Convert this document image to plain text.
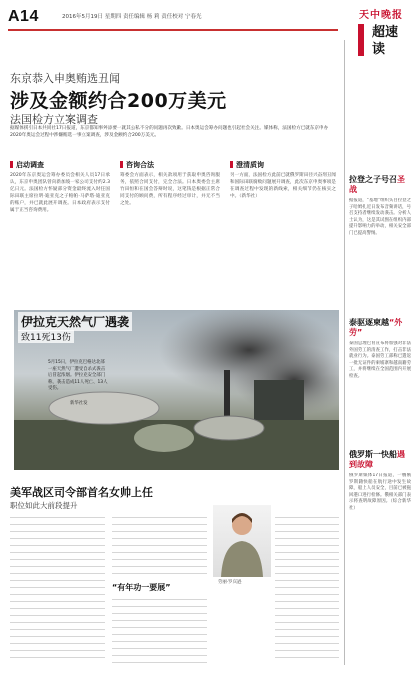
A14	2016年5月19日 星期四 责任编辑 杨 莉 责任校对 宁春光	天中晚报
超速读
东京恭入申奥贿选丑闻
涉及金额约合200万美元
法国检方立案调查
据媒体援引日本共同社17日报道，东京都知事舛添要一就其公私不分的问题再次致歉。日本奥运会筹办问题也引起社会关注。媒体称，法国检方已就东京申办2020年奥运会过程中涉嫌贿选一事立案调查，涉及金额约合200万美元。
启动调查
2020年东京奥运会筹办委员会相关人员17日承认，东京申奥团队曾向新加坡一家公司支付约2.3亿日元。法国检方怀疑部分资金最终流入时任国际田联主席拉明·迪亚克之子帕帕·马萨塔·迪亚克的账户，并已就此展开调查。日本政府表示支付属于正当咨询费用。
咨询合法
筹委会方面表示，相关款项用于获取申奥咨询服务，依照合同支付，完全合法。日本奥委会主席竹田恒和在国会答辩时说，这笔钱是根据正常合同支付的顾问费，所有程序经过审计，并无不当之处。
澄清质询
另一方面，法国检方此前已就俄罗斯田径兴奋剂丑闻和国际田联腐败问题展开调查，此次东京申奥事项是在调查过程中发现的新线索，相关细节仍在核实之中。（新华社）
拉登之子号召圣战
据报道，“基地”组织头目拉登之子哈姆扎近日发布音频讲话，号召支持者继续发动袭击。分析人士认为，这是其试图在组织内部提升影响力的举动，相关安全部门已提高警惕。
泰驱逐柬越“外劳”
泰国总理巴育宣布将加强对非法外国劳工的清查工作，打击非法就业行为。泰国劳工部称已遣返一批无证件的柬埔寨和越南籍劳工，并将继续在全国范围内开展检查。
俄罗斯一快船遇到故障
俄罗斯媒体17日报道，一艘俄罗斯籍快船在航行途中发生故障，船上人员安全，目前已被拖回港口进行检修。俄相关部门表示将查明故障原因。（综合新华社）
伊拉克天然气厂遇袭
致11死13伤
5月15日，伊拉克巴格达北部一座天然气厂遭受自杀式袭击后冒起浓烟。伊拉克安全部门称，袭击造成11人死亡、13人受伤。
新华社发
美军战区司令部首名女帅上任
职位如此大前段提升
“有年功一要展”
劳丽·罗宾逊
